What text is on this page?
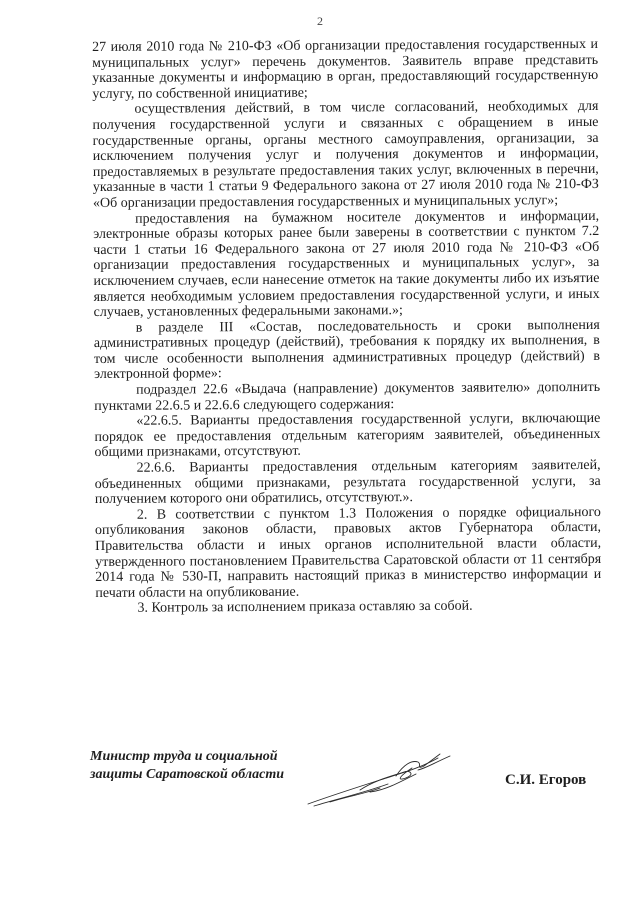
2

27 июля 2010 года № 210-ФЗ «Об организации предоставления государственных и муниципальных услуг» перечень документов. Заявитель вправе представить указанные документы и информацию в орган, предоставляющий государственную услугу, по собственной инициативе;

осуществления действий, в том числе согласований, необходимых для получения государственной услуги и связанных с обращением в иные государственные органы, органы местного самоуправления, организации, за исключением получения услуг и получения документов и информации, предоставляемых в результате предоставления таких услуг, включенных в перечни, указанные в части 1 статьи 9 Федерального закона от 27 июля 2010 года № 210-ФЗ «Об организации предоставления государственных и муниципальных услуг»;

предоставления на бумажном носителе документов и информации, электронные образы которых ранее были заверены в соответствии с пунктом 7.2 части 1 статьи 16 Федерального закона от 27 июля 2010 года № 210-ФЗ «Об организации предоставления государственных и муниципальных услуг», за исключением случаев, если нанесение отметок на такие документы либо их изъятие является необходимым условием предоставления государственной услуги, и иных случаев, установленных федеральными законами.»;

в разделе III «Состав, последовательность и сроки выполнения административных процедур (действий), требования к порядку их выполнения, в том числе особенности выполнения административных процедур (действий) в электронной форме»:

подраздел 22.6 «Выдача (направление) документов заявителю» дополнить пунктами 22.6.5 и 22.6.6 следующего содержания:

«22.6.5. Варианты предоставления государственной услуги, включающие порядок ее предоставления отдельным категориям заявителей, объединенных общими признаками, отсутствуют.

22.6.6. Варианты предоставления отдельным категориям заявителей, объединенных общими признаками, результата государственной услуги, за получением которого они обратились, отсутствуют.».

2. В соответствии с пунктом 1.3 Положения о порядке официального опубликования законов области, правовых актов Губернатора области, Правительства области и иных органов исполнительной власти области, утвержденного постановлением Правительства Саратовской области от 11 сентября 2014 года № 530-П, направить настоящий приказ в министерство информации и печати области на опубликование.

3. Контроль за исполнением приказа оставляю за собой.

Министр труда и социальной
защиты Саратовской области	С.И. Егоров
